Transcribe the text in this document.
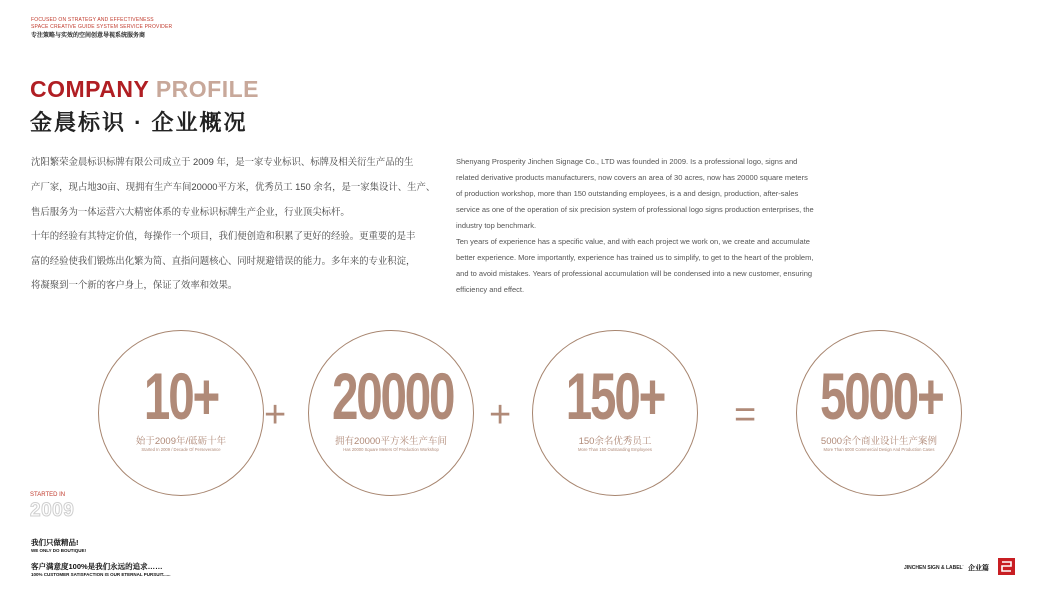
FOCUSED ON STRATEGY AND EFFECTIVENESS
SPACE CREATIVE GUIDE SYSTEM SERVICE PROVIDER
专注策略与实效的空间创意导视系统服务商
COMPANY PROFILE
金晨标识 · 企业概况
沈阳繁荣金晨标识标牌有限公司成立于 2009 年，是一家专业标识、标牌及相关衍生产品的生
产厂家，现占地30亩、现拥有生产车间20000平方米，优秀员工 150 余名，是一家集设计、生产、
售后服务为一体运营六大精密体系的专业标识标牌生产企业，行业顶尖标杆。
十年的经验有其特定价值，每操作一个项目，我们便创造和积累了更好的经验。更重要的是丰
富的经验使我们锻炼出化繁为简、直指问题核心、同时规避错误的能力。多年来的专业积淀，
将凝聚到一个新的客户身上，保证了效率和效果。
Shenyang Prosperity Jinchen Signage Co., LTD was founded in 2009. Is a professional logo, signs and
related derivative products manufacturers, now covers an area of 30 acres, now has 20000 square meters
of production workshop, more than 150 outstanding employees, is a and design, production, after-sales
service as one of the operation of six precision system of professional logo signs production enterprises, the
industry top benchmark.
Ten years of experience has a specific value, and with each project we work on, we create and accumulate
better experience. More importantly, experience has trained us to simplify, to get to the heart of the problem,
and to avoid mistakes. Years of professional accumulation will be condensed into a new customer, ensuring
efficiency and effect.
10+
始于2009年/砥砺十年
Started In 2009 / Decade Of Perseverance
+ 20000
拥有20000平方米生产车间
Has 20000 Square Meters Of Production Workshop
+ 150+
150余名优秀员工
More Than 150 Outstanding Employees
= 5000+
5000余个商业设计生产案例
More Than 5000 Commercial Design And Production Cases
STARTED IN
2009
我们只做精品!
WE ONLY DO BOUTIQUE!
客户满意度100%是我们永远的追求……
100% CUSTOMER SATISFACTION IS OUR ETERNAL PURSUIT......
JINCHEN SIGN & LABEL · 企业篇
